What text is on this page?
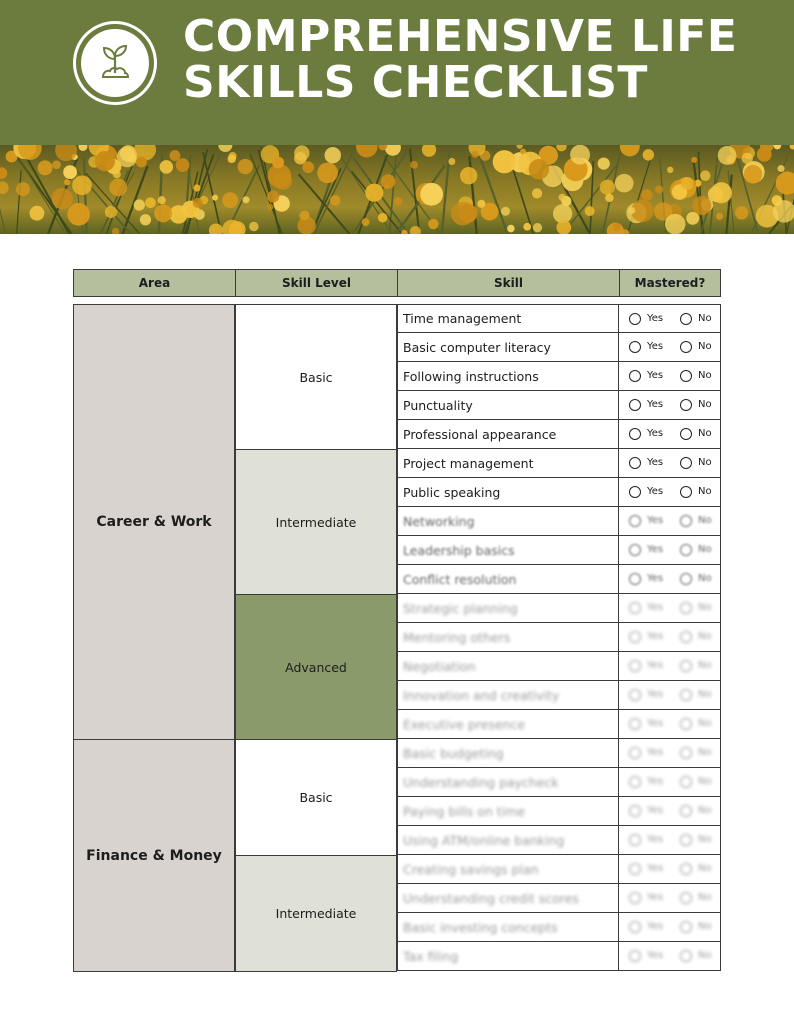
COMPREHENSIVE LIFE
SKILLS CHECKLIST
Area	Skill Level	Skill	Mastered?
Career & Work
Basic
Time management	Yes	No
Basic computer literacy	Yes	No
Following instructions	Yes	No
Punctuality	Yes	No
Professional appearance	Yes	No
Intermediate
Project management	Yes	No
Public speaking	Yes	No
Networking	Yes	No
Leadership basics	Yes	No
Conflict resolution	Yes	No
Advanced
Strategic planning	Yes	No
Mentoring others	Yes	No
Negotiation	Yes	No
Innovation and creativity	Yes	No
Executive presence	Yes	No
Finance & Money
Basic
Basic budgeting	Yes	No
Understanding paycheck	Yes	No
Paying bills on time	Yes	No
Using ATM/online banking	Yes	No
Intermediate
Creating savings plan	Yes	No
Understanding credit scores	Yes	No
Basic investing concepts	Yes	No
Tax filing	Yes	No
